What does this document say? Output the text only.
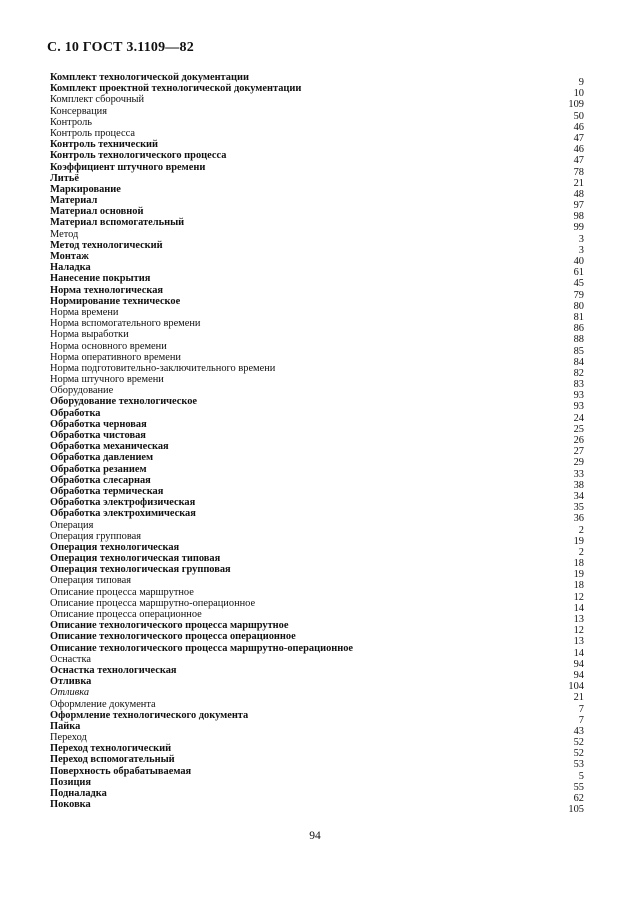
С. 10 ГОСТ 3.1109—82
Комплект технологической документации	9
Комплект проектной технологической документации	10
Комплект сборочный	109
Консервация	50
Контроль	46
Контроль процесса	47
Контроль технический	46
Контроль технологического процесса	47
Коэффициент штучного времени	78
Литьё	21
Маркирование	48
Материал	97
Материал основной	98
Материал вспомогательный	99
Метод	3
Метод технологический	3
Монтаж	40
Наладка	61
Нанесение покрытия	45
Норма технологическая	79
Нормирование техническое	80
Норма времени	81
Норма вспомогательного времени	86
Норма выработки	88
Норма основного времени	85
Норма оперативного времени	84
Норма подготовительно-заключительного времени	82
Норма штучного времени	83
Оборудование	93
Оборудование технологическое	93
Обработка	24
Обработка черновая	25
Обработка чистовая	26
Обработка механическая	27
Обработка давлением	29
Обработка резанием	33
Обработка слесарная	38
Обработка термическая	34
Обработка электрофизическая	35
Обработка электрохимическая	36
Операция	2
Операция групповая	19
Операция технологическая	2
Операция технологическая типовая	18
Операция технологическая групповая	19
Операция типовая	18
Описание процесса маршрутное	12
Описание процесса маршрутно-операционное	14
Описание процесса операционное	13
Описание технологического процесса маршрутное	12
Описание технологического процесса операционное	13
Описание технологического процесса маршрутно-операционное	14
Оснастка	94
Оснастка технологическая	94
Отливка	104
Отливка	21
Оформление документа	7
Оформление технологического документа	7
Пайка	43
Переход	52
Переход технологический	52
Переход вспомогательный	53
Поверхность обрабатываемая	5
Позиция	55
Подналадка	62
Поковка	105
94
